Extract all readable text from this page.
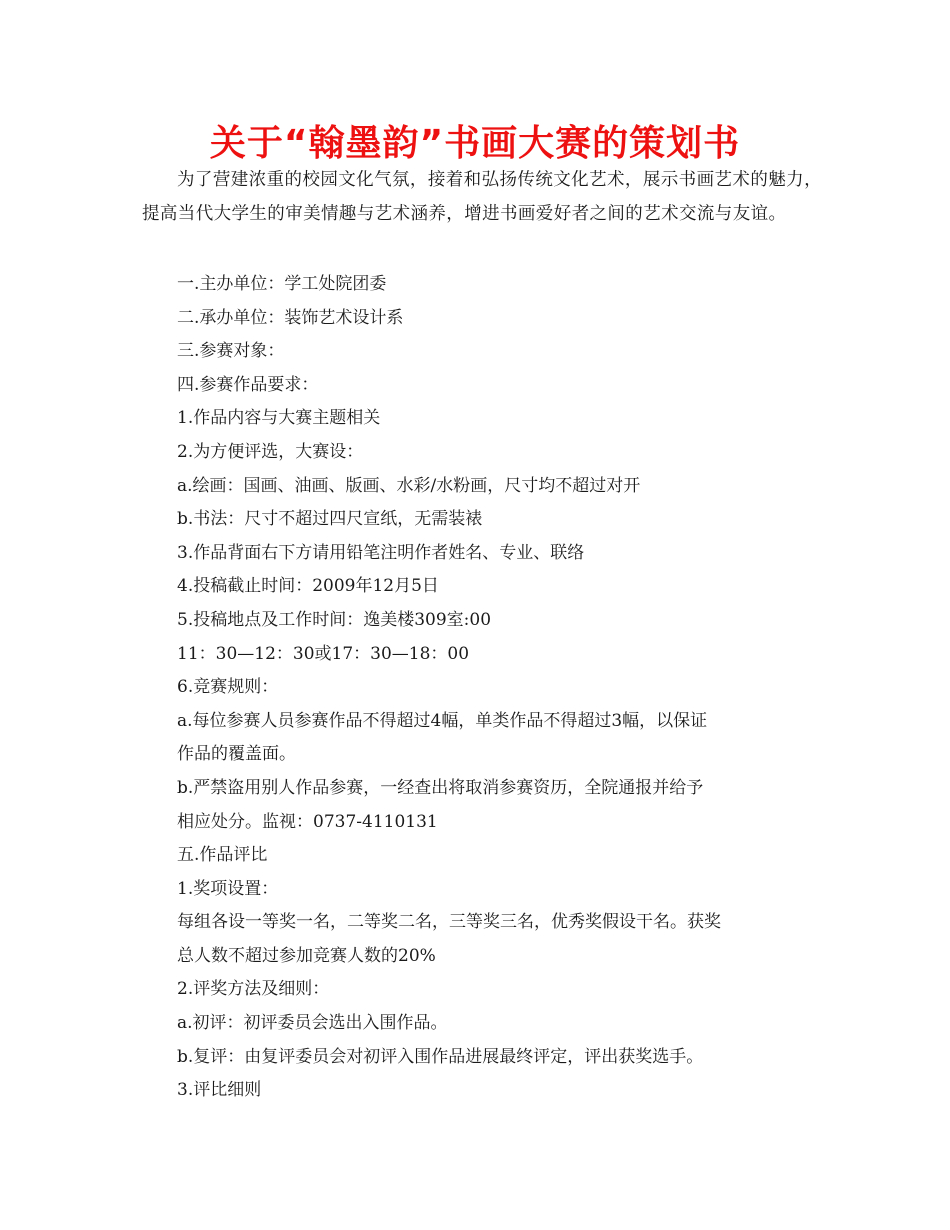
关于“翰墨韵”书画大赛的策划书
为了营建浓重的校园文化气氛，接着和弘扬传统文化艺术，展示书画艺术的魅力，提高当代大学生的审美情趣与艺术涵养，增进书画爱好者之间的艺术交流与友谊。
一.主办单位：学工处院团委
二.承办单位：装饰艺术设计系
三.参赛对象：
四.参赛作品要求：
1.作品内容与大赛主题相关
2.为方便评选，大赛设：
a.绘画：国画、油画、版画、水彩/水粉画，尺寸均不超过对开
b.书法：尺寸不超过四尺宣纸，无需装裱
3.作品背面右下方请用铅笔注明作者姓名、专业、联络
4.投稿截止时间：2009年12月5日
5.投稿地点及工作时间：逸美楼309室:00
11：30—12：30或17：30—18：00
6.竞赛规则：
a.每位参赛人员参赛作品不得超过4幅，单类作品不得超过3幅，以保证
作品的覆盖面。
b.严禁盗用别人作品参赛，一经查出将取消参赛资历，全院通报并给予
相应处分。监视：0737-4110131
五.作品评比
1.奖项设置：
每组各设一等奖一名，二等奖二名，三等奖三名，优秀奖假设干名。获奖
总人数不超过参加竞赛人数的20%
2.评奖方法及细则：
a.初评：初评委员会选出入围作品。
b.复评：由复评委员会对初评入围作品进展最终评定，评出获奖选手。
3.评比细则
